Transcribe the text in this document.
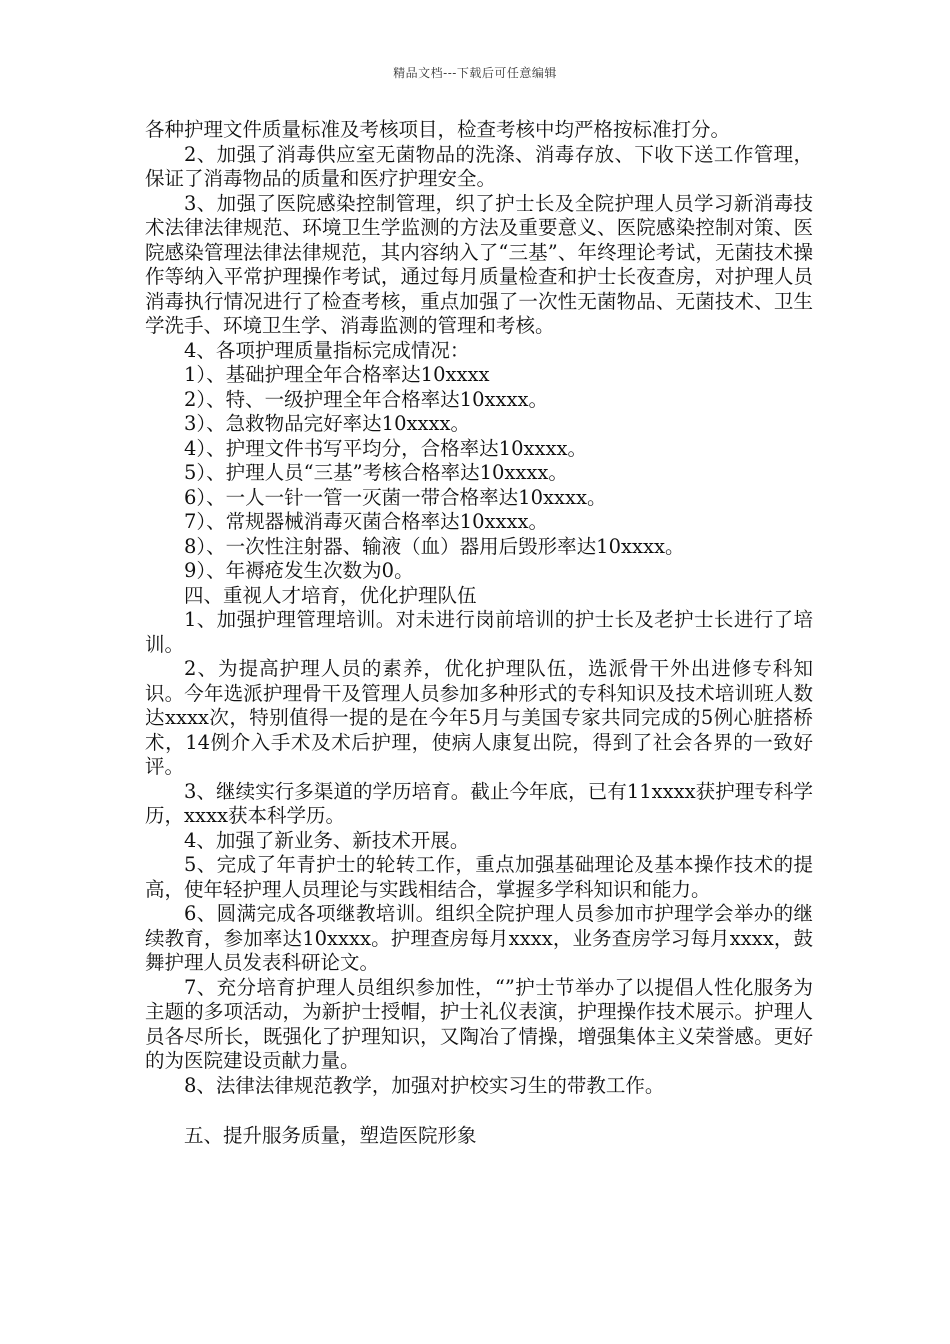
精品文档---下载后可任意编辑

各种护理文件质量标准及考核项目，检查考核中均严格按标准打分。

2、加强了消毒供应室无菌物品的洗涤、消毒存放、下收下送工作管理，保证了消毒物品的质量和医疗护理安全。

3、加强了医院感染控制管理，织了护士长及全院护理人员学习新消毒技术法律法律规范、环境卫生学监测的方法及重要意义、医院感染控制对策、医院感染管理法律法律规范，其内容纳入了“三基”、年终理论考试，无菌技术操作等纳入平常护理操作考试，通过每月质量检查和护士长夜查房，对护理人员消毒执行情况进行了检查考核，重点加强了一次性无菌物品、无菌技术、卫生学洗手、环境卫生学、消毒监测的管理和考核。

4、各项护理质量指标完成情况：

1）、基础护理全年合格率达10xxxx

2）、特、一级护理全年合格率达10xxxx。

3）、急救物品完好率达10xxxx。

4）、护理文件书写平均分，合格率达10xxxx。

5）、护理人员“三基”考核合格率达10xxxx。

6）、一人一针一管一灭菌一带合格率达10xxxx。

7）、常规器械消毒灭菌合格率达10xxxx。

8）、一次性注射器、输液（血）器用后毁形率达10xxxx。

9）、年褥疮发生次数为0。

四、重视人才培育，优化护理队伍

1、加强护理管理培训。对未进行岗前培训的护士长及老护士长进行了培训。

2、为提高护理人员的素养，优化护理队伍，选派骨干外出进修专科知识。今年选派护理骨干及管理人员参加多种形式的专科知识及技术培训班人数达xxxx次，特别值得一提的是在今年5月与美国专家共同完成的5例心脏搭桥术，14例介入手术及术后护理，使病人康复出院，得到了社会各界的一致好评。

3、继续实行多渠道的学历培育。截止今年底，已有11xxxx获护理专科学历，xxxx获本科学历。

4、加强了新业务、新技术开展。

5、完成了年青护士的轮转工作，重点加强基础理论及基本操作技术的提高，使年轻护理人员理论与实践相结合，掌握多学科知识和能力。

6、圆满完成各项继教培训。组织全院护理人员参加市护理学会举办的继续教育，参加率达10xxxx。护理查房每月xxxx，业务查房学习每月xxxx，鼓舞护理人员发表科研论文。

7、充分培育护理人员组织参加性，“”护士节举办了以提倡人性化服务为主题的多项活动，为新护士授帽，护士礼仪表演，护理操作技术展示。护理人员各尽所长，既强化了护理知识，又陶冶了情操，增强集体主义荣誉感。更好的为医院建设贡献力量。

8、法律法律规范教学，加强对护校实习生的带教工作。

五、提升服务质量，塑造医院形象
